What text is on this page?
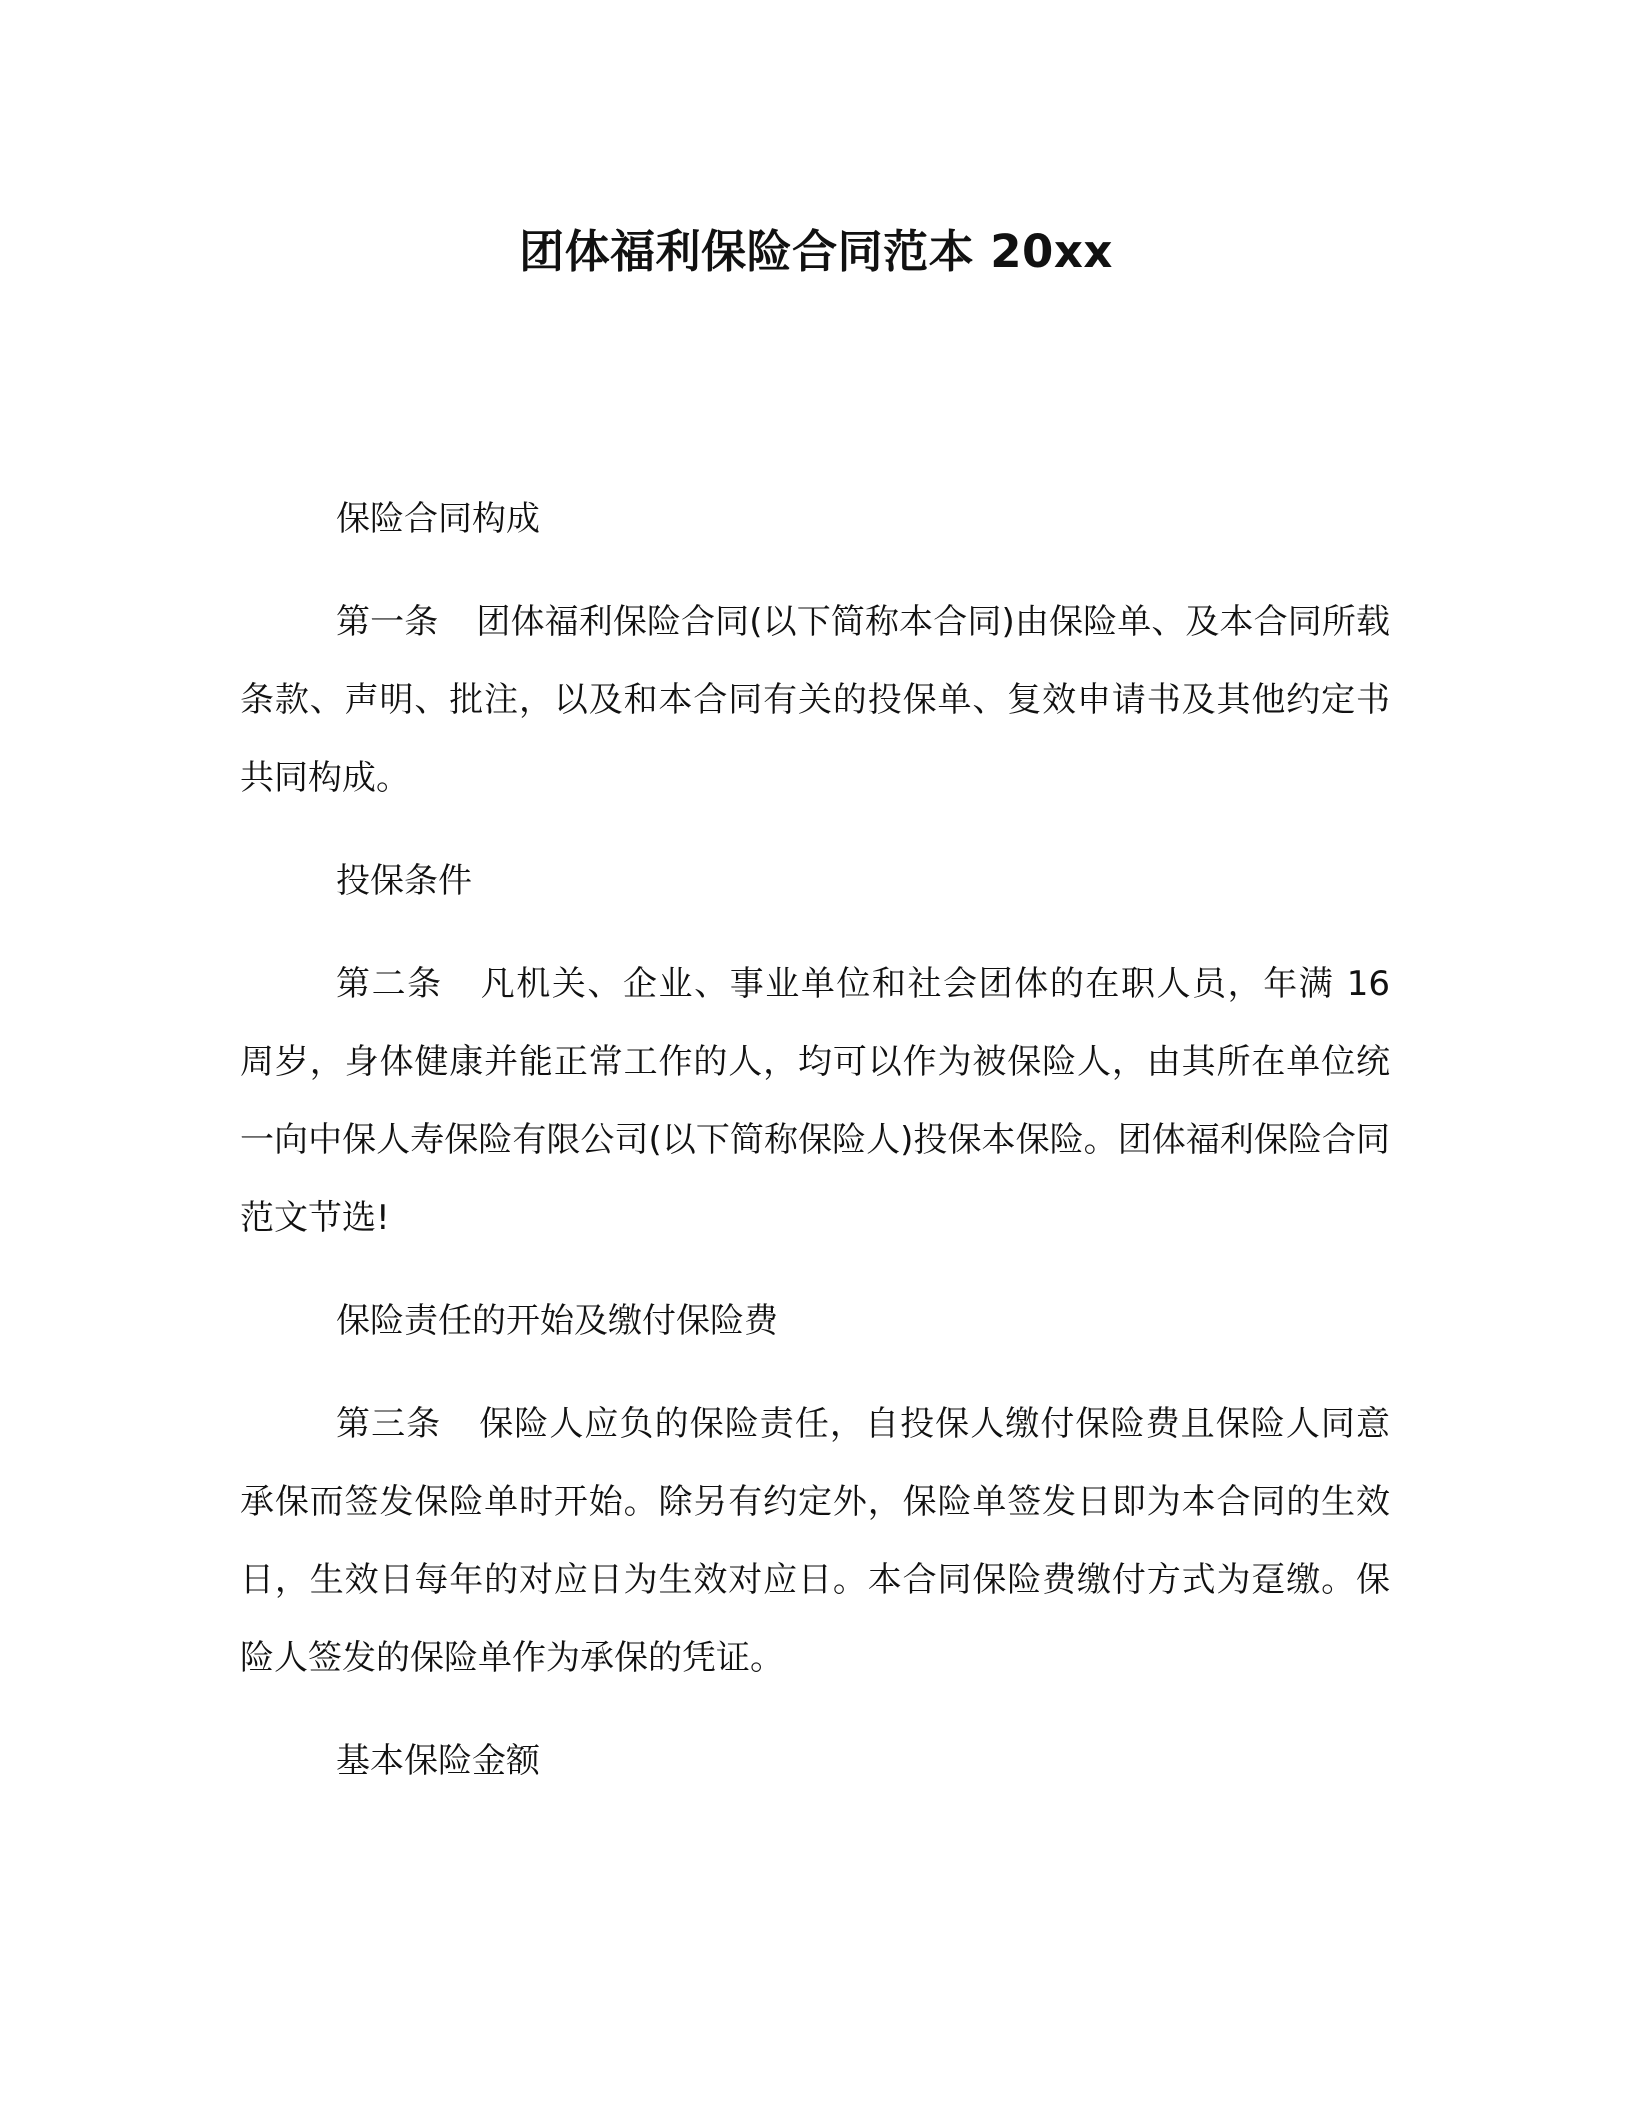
团体福利保险合同范本 20xx

保险合同构成

第一条 团体福利保险合同(以下简称本合同)由保险单、及本合同所载条款、声明、批注，以及和本合同有关的投保单、复效申请书及其他约定书共同构成。

投保条件

第二条 凡机关、企业、事业单位和社会团体的在职人员，年满 16 周岁，身体健康并能正常工作的人，均可以作为被保险人，由其所在单位统一向中保人寿保险有限公司(以下简称保险人)投保本保险。团体福利保险合同范文节选!

保险责任的开始及缴付保险费

第三条 保险人应负的保险责任，自投保人缴付保险费且保险人同意承保而签发保险单时开始。除另有约定外，保险单签发日即为本合同的生效日，生效日每年的对应日为生效对应日。本合同保险费缴付方式为趸缴。保险人签发的保险单作为承保的凭证。

基本保险金额
